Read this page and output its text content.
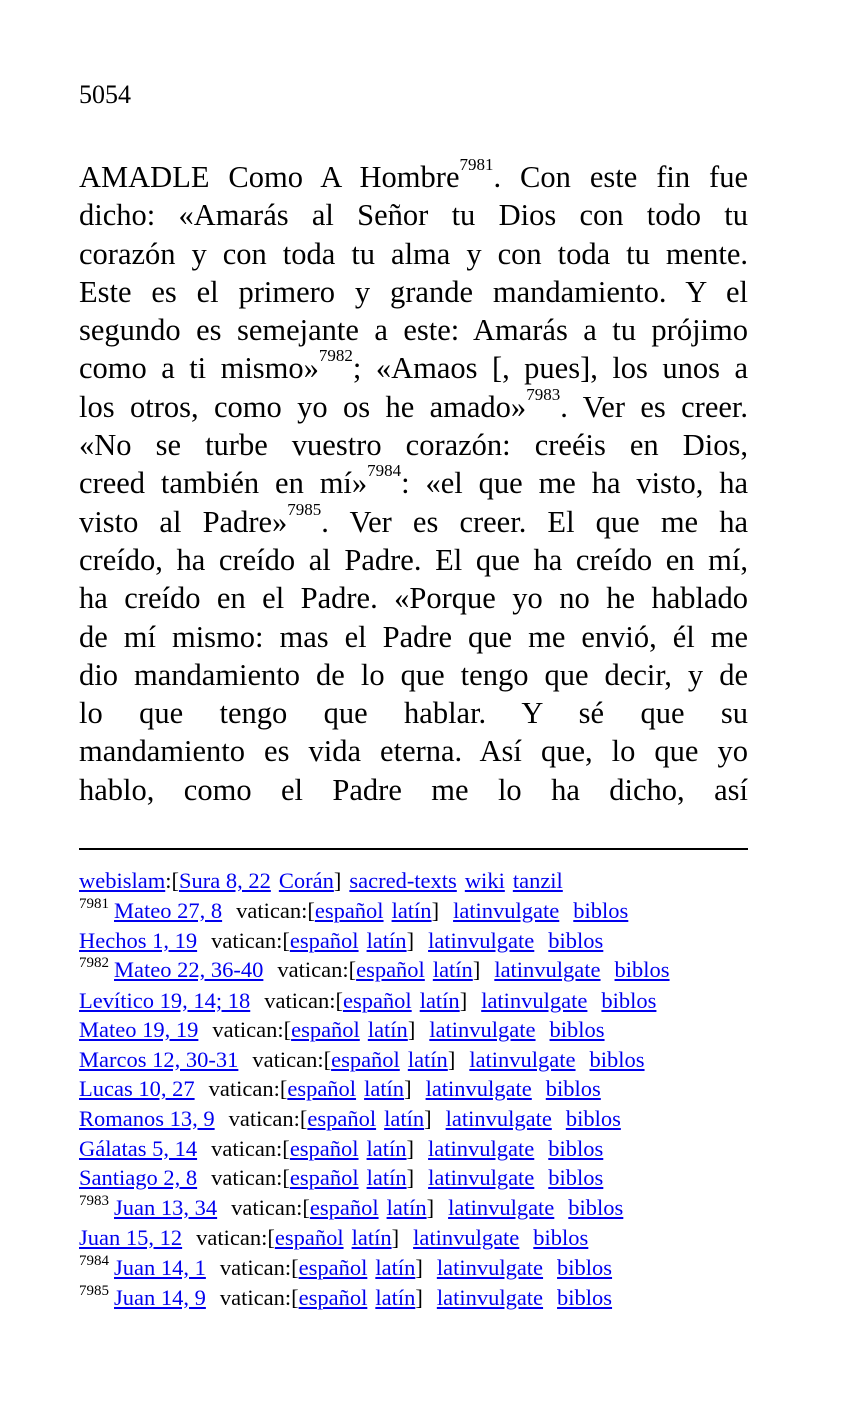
5054
AMADLE Como A Hombre$^{7981}$. Con este fin fue
dicho: «Amarás al Señor tu Dios con todo tu
corazón y con toda tu alma y con toda tu mente.
Este es el primero y grande mandamiento. Y el
segundo es semejante a este: Amarás a tu prójimo
como a ti mismo»$^{7982}$; «Amaos [, pues], los unos a
los otros, como yo os he amado»$^{7983}$. Ver es creer.
«No se turbe vuestro corazón: creéis en Dios,
creed también en mí»$^{7984}$: «el que me ha visto, ha
visto al Padre»$^{7985}$. Ver es creer. El que me ha
creído, ha creído al Padre. El que ha creído en mí,
ha creído en el Padre. «Porque yo no he hablado
de mí mismo: mas el Padre que me envió, él me
dio mandamiento de lo que tengo que decir, y de
lo que tengo que hablar. Y sé que su
mandamiento es vida eterna. Así que, lo que yo
hablo, como el Padre me lo ha dicho, así
webislam:[Sura 8, 22 Corán] sacred-texts wiki tanzil
$^{7981}$ Mateo 27, 8 vatican:[español latín] latinvulgate biblos
Hechos 1, 19 vatican:[español latín] latinvulgate biblos
$^{7982}$ Mateo 22, 36-40 vatican:[español latín] latinvulgate biblos
Levítico 19, 14; 18 vatican:[español latín] latinvulgate biblos
Mateo 19, 19 vatican:[español latín] latinvulgate biblos
Marcos 12, 30-31 vatican:[español latín] latinvulgate biblos
Lucas 10, 27 vatican:[español latín] latinvulgate biblos
Romanos 13, 9 vatican:[español latín] latinvulgate biblos
Gálatas 5, 14 vatican:[español latín] latinvulgate biblos
Santiago 2, 8 vatican:[español latín] latinvulgate biblos
$^{7983}$ Juan 13, 34 vatican:[español latín] latinvulgate biblos
Juan 15, 12 vatican:[español latín] latinvulgate biblos
$^{7984}$ Juan 14, 1 vatican:[español latín] latinvulgate biblos
$^{7985}$ Juan 14, 9 vatican:[español latín] latinvulgate biblos
